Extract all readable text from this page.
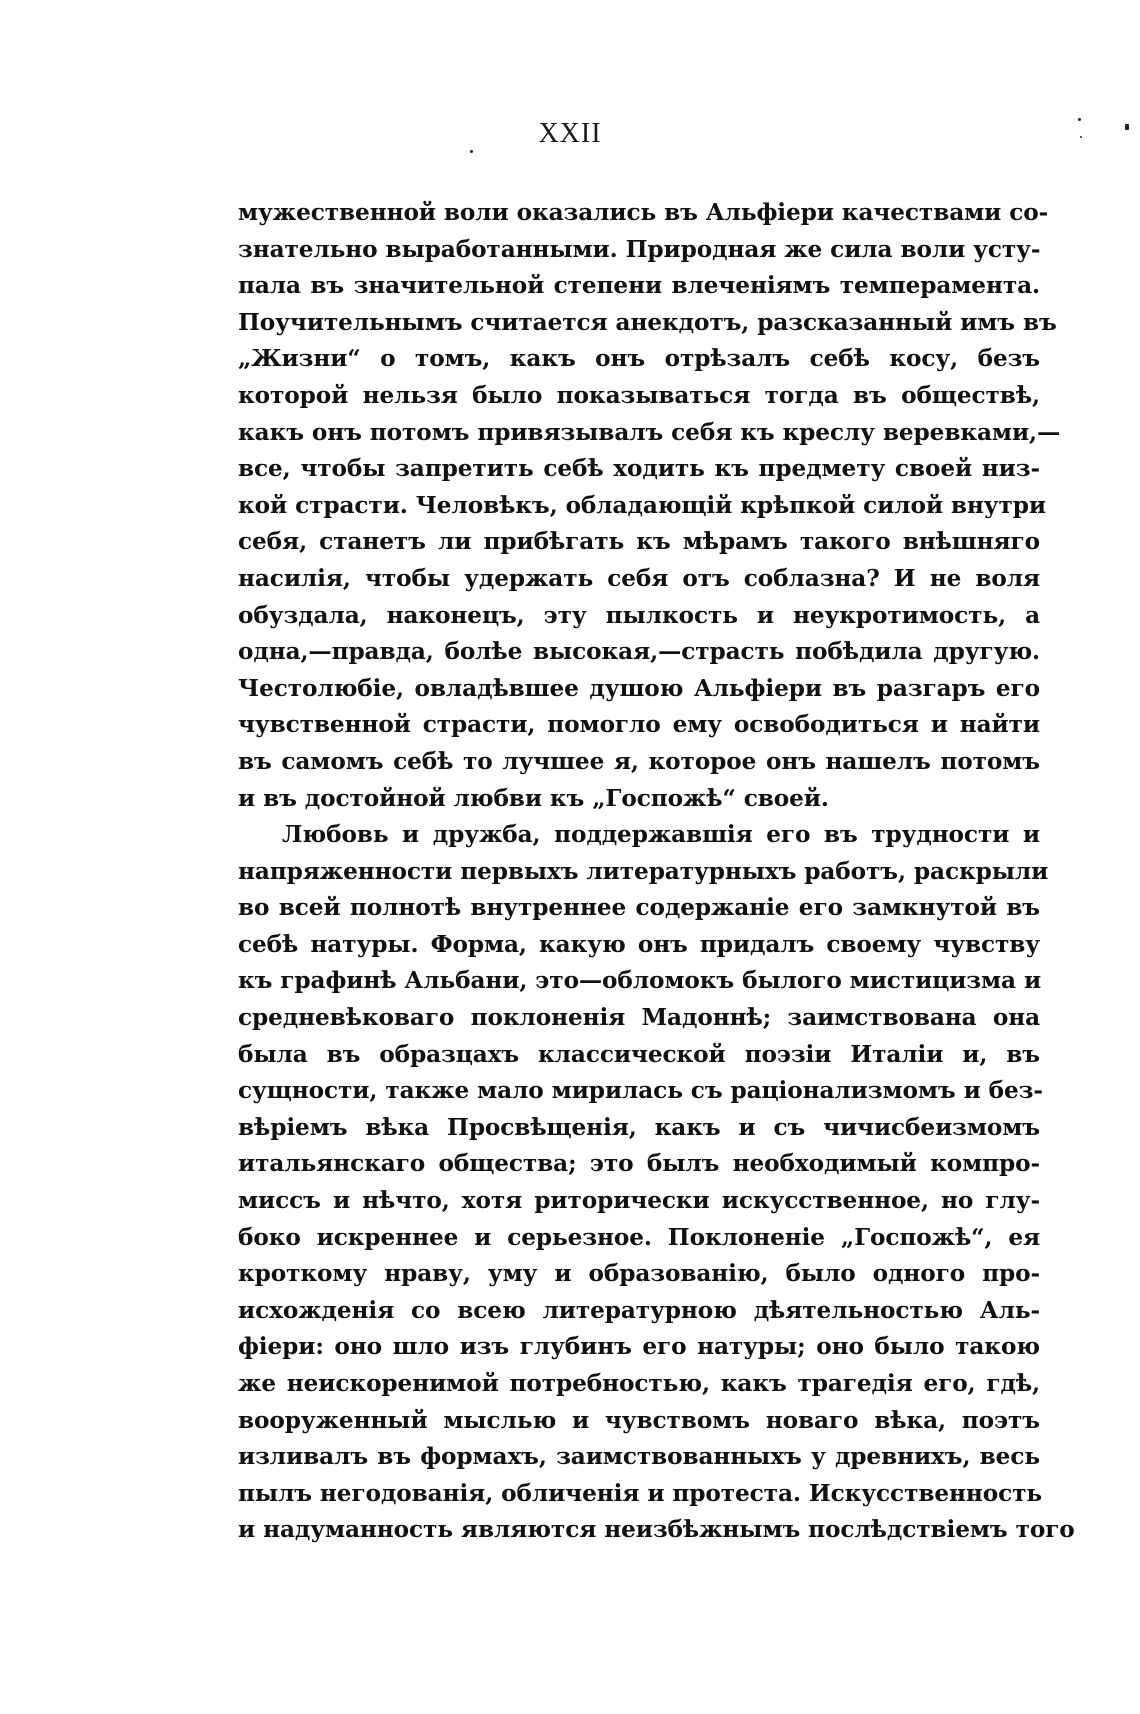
XXII
мужественной воли оказались въ Альфіери качествами со-
знательно выработанными. Природная же сила воли усту-
пала въ значительной степени влеченіямъ темперамента.
Поучительнымъ считается анекдотъ, разсказанный имъ въ
„Жизни“ о томъ, какъ онъ отрѣзалъ себѣ косу, безъ
которой нельзя было показываться тогда въ обществѣ,
какъ онъ потомъ привязывалъ себя къ креслу веревками,—
все, чтобы запретить себѣ ходить къ предмету своей низ-
кой страсти. Человѣкъ, обладающій крѣпкой силой внутри
себя, станетъ ли прибѣгать къ мѣрамъ такого внѣшняго
насилія, чтобы удержать себя отъ соблазна? И не воля
обуздала, наконецъ, эту пылкость и неукротимость, а
одна,—правда, болѣе высокая,—страсть побѣдила другую.
Честолюбіе, овладѣвшее душою Альфіери въ разгаръ его
чувственной страсти, помогло ему освободиться и найти
въ самомъ себѣ то лучшее я, которое онъ нашелъ потомъ
и въ достойной любви къ „Госпожѣ“ своей.
Любовь и дружба, поддержавшія его въ трудности и
напряженности первыхъ литературныхъ работъ, раскрыли
во всей полнотѣ внутреннее содержаніе его замкнутой въ
себѣ натуры. Форма, какую онъ придалъ своему чувству
къ графинѣ Альбани, это—обломокъ былого мистицизма и
средневѣковаго поклоненія Мадоннѣ; заимствована она
была въ образцахъ классической поэзіи Италіи и, въ
сущности, также мало мирилась съ раціонализмомъ и без-
вѣріемъ вѣка Просвѣщенія, какъ и съ чичисбеизмомъ
итальянскаго общества; это былъ необходимый компро-
миссъ и нѣчто, хотя риторически искусственное, но глу-
боко искреннее и серьезное. Поклоненіе „Госпожѣ“, ея
кроткому нраву, уму и образованію, было одного про-
исхожденія со всею литературною дѣятельностью Аль-
фіери: оно шло изъ глубинъ его натуры; оно было такою
же неискоренимой потребностью, какъ трагедія его, гдѣ,
вооруженный мыслью и чувствомъ новаго вѣка, поэтъ
изливалъ въ формахъ, заимствованныхъ у древнихъ, весь
пылъ негодованія, обличенія и протеста. Искусственность
и надуманность являются неизбѣжнымъ послѣдствіемъ того
